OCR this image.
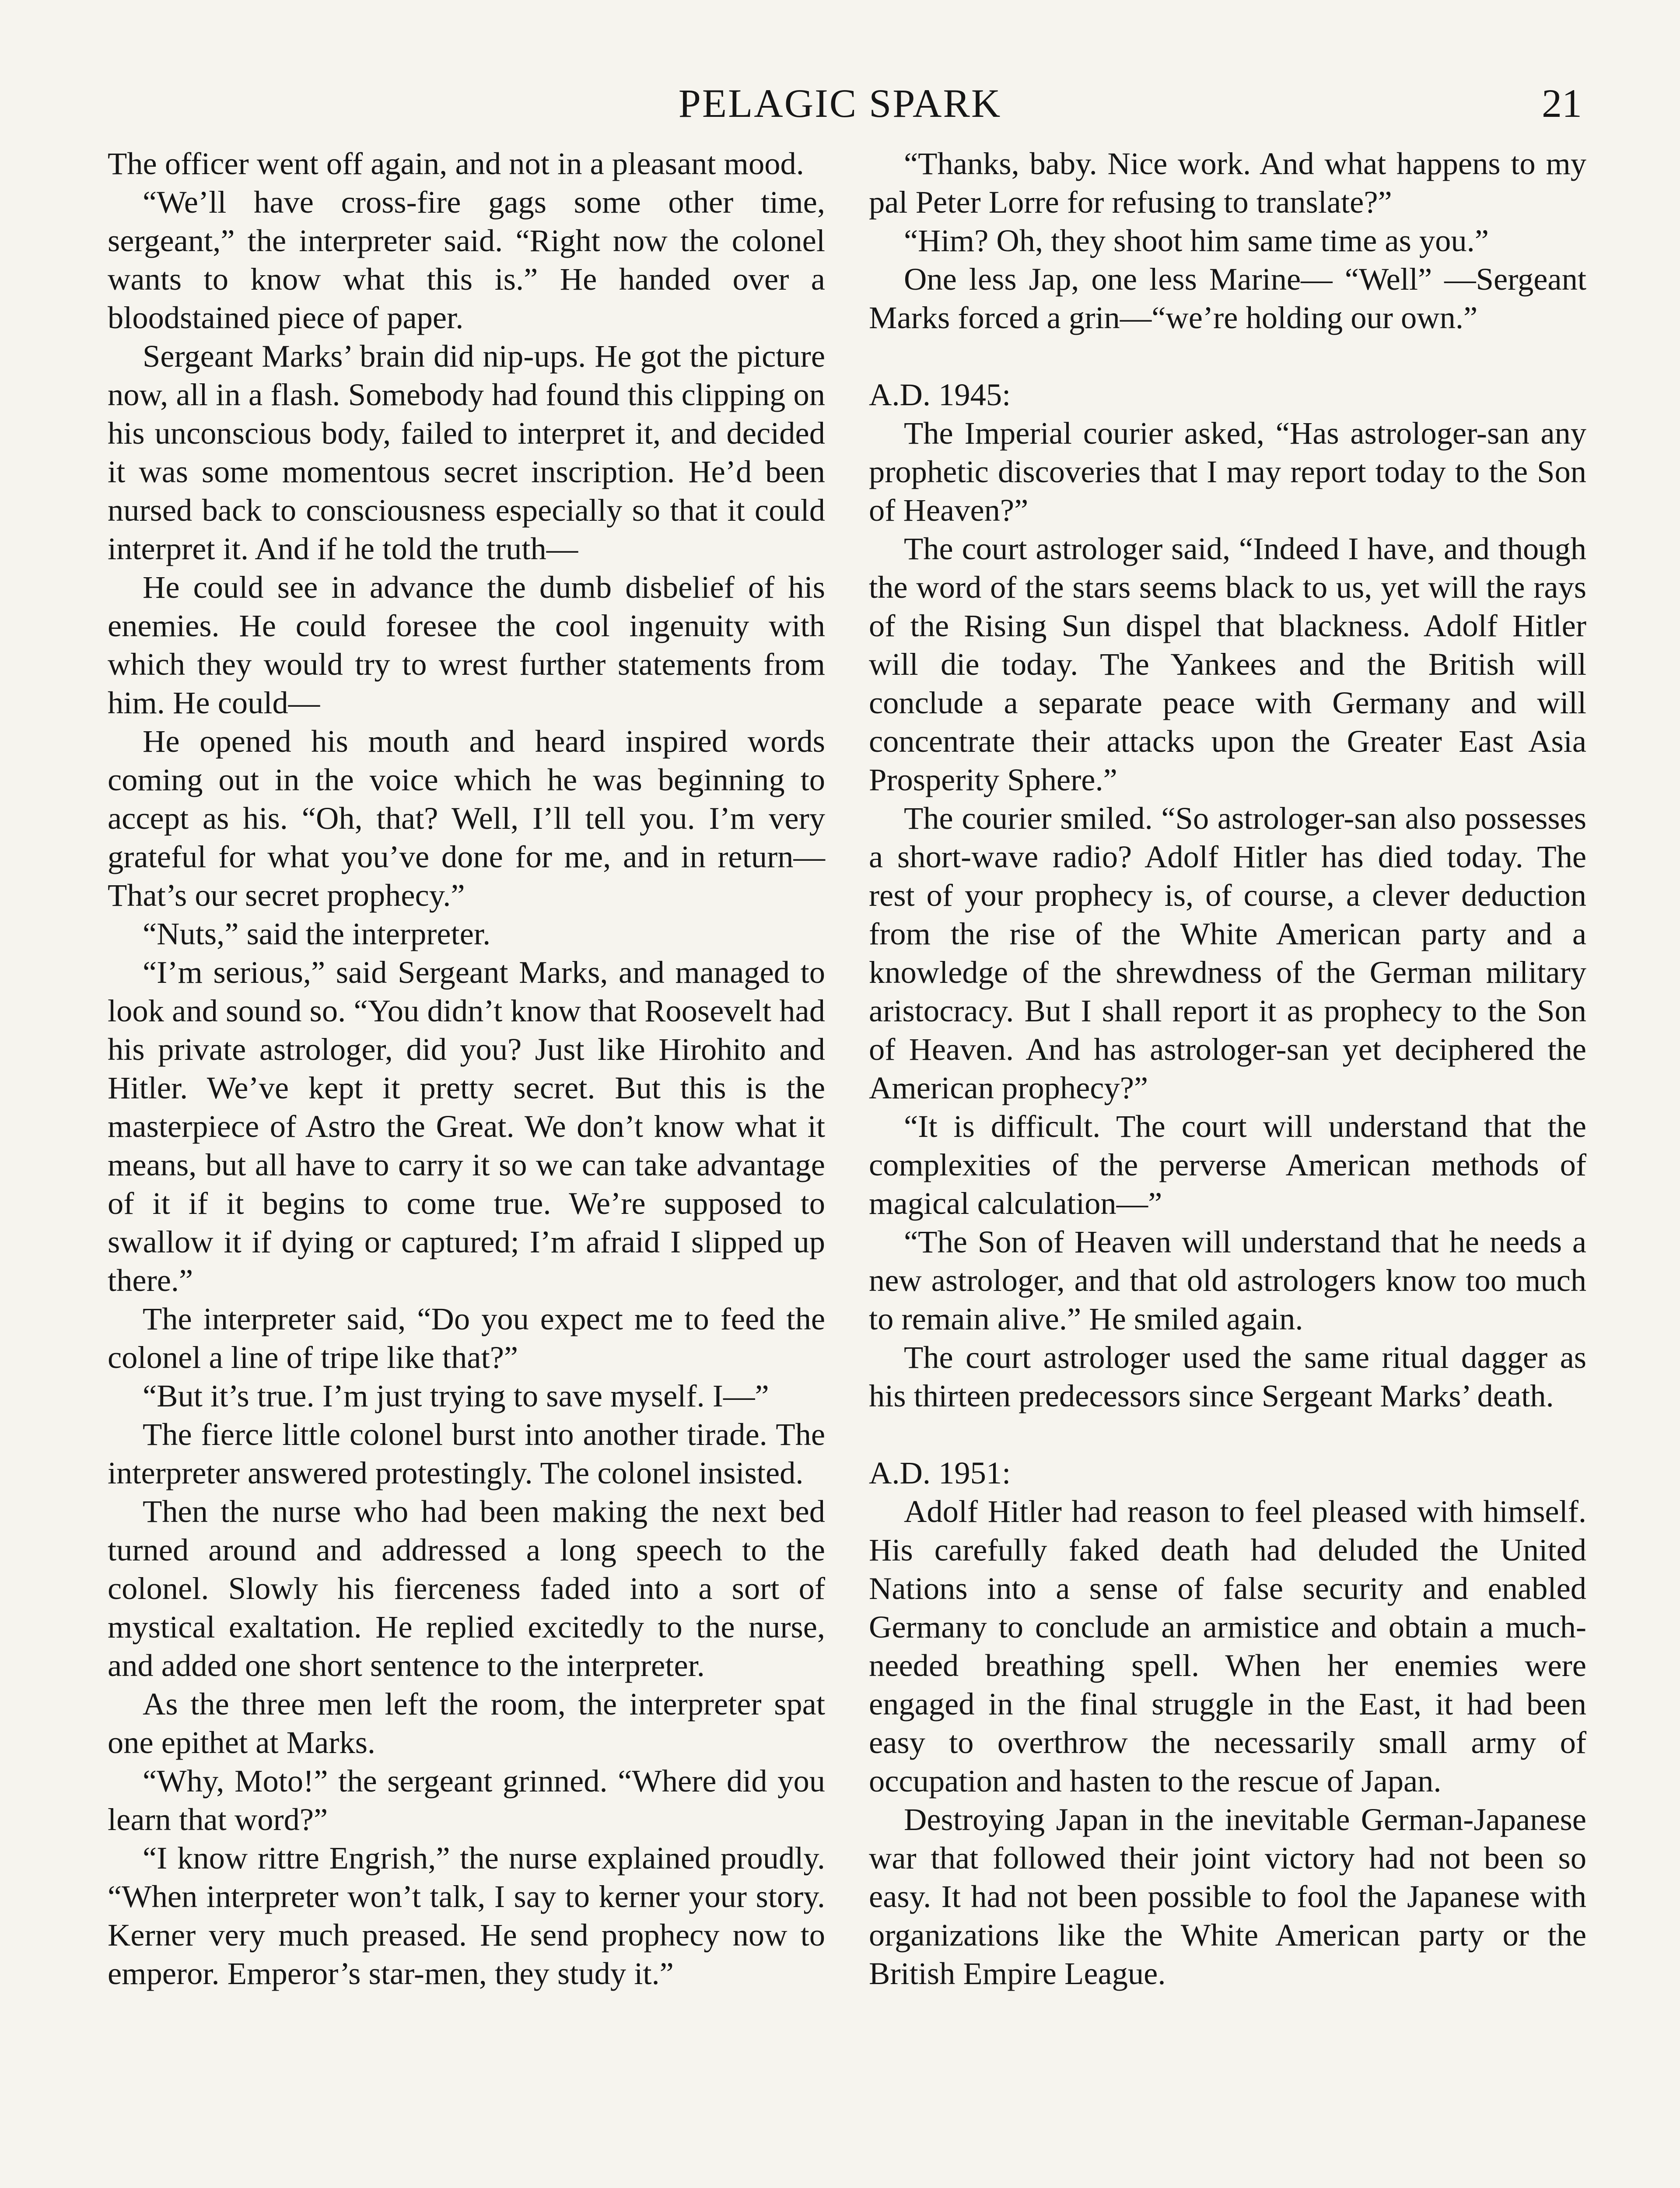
PELAGIC SPARK	21

The officer went off again, and not in a pleasant mood.

“We’ll have cross-fire gags some other time, sergeant,” the interpreter said. “Right now the colonel wants to know what this is.” He handed over a bloodstained piece of paper.

Sergeant Marks’ brain did nip-ups. He got the picture now, all in a flash. Somebody had found this clipping on his unconscious body, failed to interpret it, and decided it was some momentous secret inscription. He’d been nursed back to consciousness especially so that it could interpret it. And if he told the truth—

He could see in advance the dumb disbelief of his enemies. He could foresee the cool ingenuity with which they would try to wrest further statements from him. He could—

He opened his mouth and heard inspired words coming out in the voice which he was beginning to accept as his. “Oh, that? Well, I’ll tell you. I’m very grateful for what you’ve done for me, and in return— That’s our secret prophecy.”

“Nuts,” said the interpreter.

“I’m serious,” said Sergeant Marks, and managed to look and sound so. “You didn’t know that Roosevelt had his private astrologer, did you? Just like Hirohito and Hitler. We’ve kept it pretty secret. But this is the masterpiece of Astro the Great. We don’t know what it means, but all have to carry it so we can take advantage of it if it begins to come true. We’re supposed to swallow it if dying or captured; I’m afraid I slipped up there.”

The interpreter said, “Do you expect me to feed the colonel a line of tripe like that?”

“But it’s true. I’m just trying to save myself. I—”

The fierce little colonel burst into another tirade. The interpreter answered protestingly. The colonel insisted.

Then the nurse who had been making the next bed turned around and addressed a long speech to the colonel. Slowly his fierceness faded into a sort of mystical exaltation. He replied excitedly to the nurse, and added one short sentence to the interpreter.

As the three men left the room, the interpreter spat one epithet at Marks.

“Why, Moto!” the sergeant grinned. “Where did you learn that word?”

“I know rittre Engrish,” the nurse explained proudly. “When interpreter won’t talk, I say to kerner your story. Kerner very much preased. He send prophecy now to emperor. Emperor’s star-men, they study it.”

“Thanks, baby. Nice work. And what happens to my pal Peter Lorre for refusing to translate?”

“Him? Oh, they shoot him same time as you.”

One less Jap, one less Marine— “Well” —Sergeant Marks forced a grin—“we’re holding our own.”

A.D. 1945:

The Imperial courier asked, “Has astrologer-san any prophetic discoveries that I may report today to the Son of Heaven?”

The court astrologer said, “Indeed I have, and though the word of the stars seems black to us, yet will the rays of the Rising Sun dispel that blackness. Adolf Hitler will die today. The Yankees and the British will conclude a separate peace with Germany and will concentrate their attacks upon the Greater East Asia Prosperity Sphere.”

The courier smiled. “So astrologer-san also possesses a short-wave radio? Adolf Hitler has died today. The rest of your prophecy is, of course, a clever deduction from the rise of the White American party and a knowledge of the shrewdness of the German military aristocracy. But I shall report it as prophecy to the Son of Heaven. And has astrologer-san yet deciphered the American prophecy?”

“It is difficult. The court will understand that the complexities of the perverse American methods of magical calculation—”

“The Son of Heaven will understand that he needs a new astrologer, and that old astrologers know too much to remain alive.” He smiled again.

The court astrologer used the same ritual dagger as his thirteen predecessors since Sergeant Marks’ death.

A.D. 1951:

Adolf Hitler had reason to feel pleased with himself. His carefully faked death had deluded the United Nations into a sense of false security and enabled Germany to conclude an armistice and obtain a much-needed breathing spell. When her enemies were engaged in the final struggle in the East, it had been easy to overthrow the necessarily small army of occupation and hasten to the rescue of Japan.

Destroying Japan in the inevitable German-Japanese war that followed their joint victory had not been so easy. It had not been possible to fool the Japanese with organizations like the White American party or the British Empire League.
